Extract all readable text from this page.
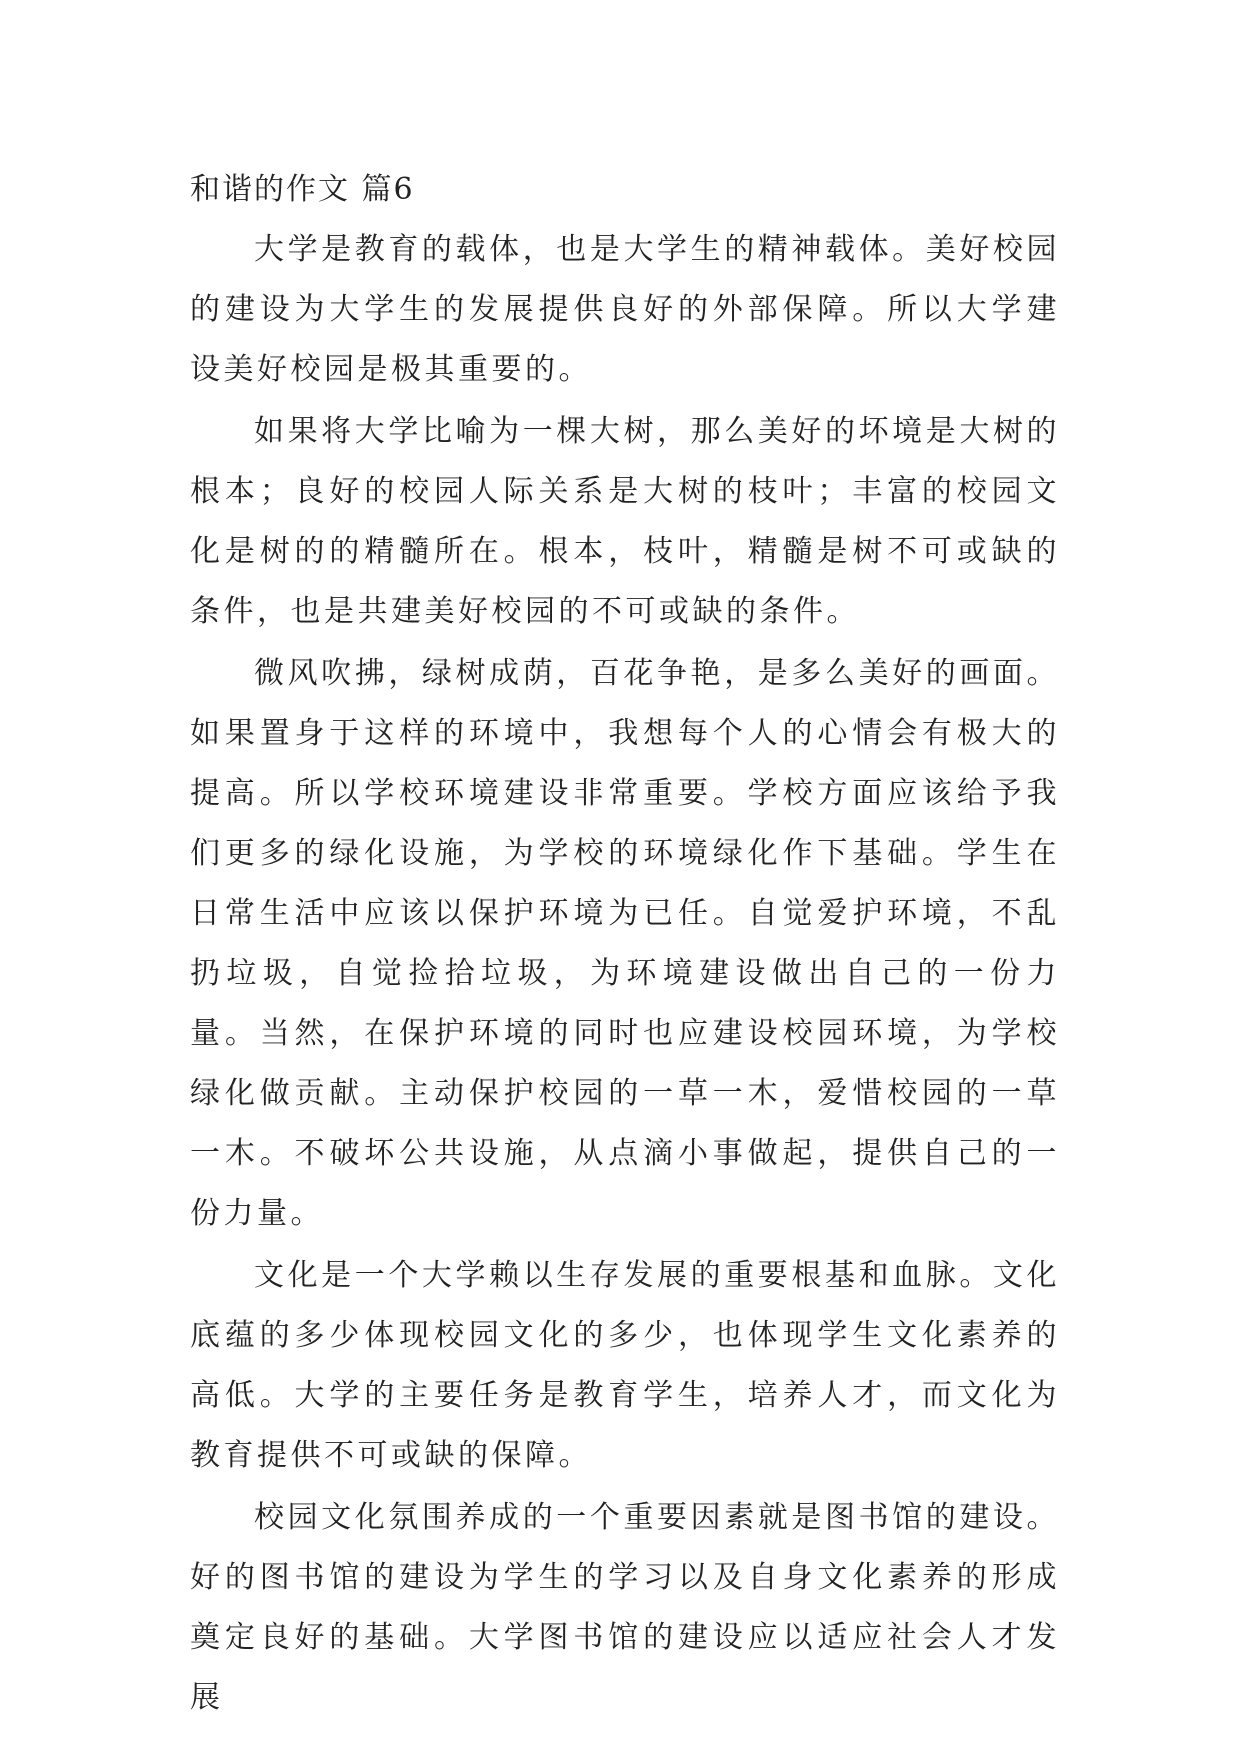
和谐的作文 篇6

大学是教育的载体，也是大学生的精神载体。美好校园的建设为大学生的发展提供良好的外部保障。所以大学建设美好校园是极其重要的。

如果将大学比喻为一棵大树，那么美好的坏境是大树的根本；良好的校园人际关系是大树的枝叶；丰富的校园文化是树的的精髓所在。根本，枝叶，精髓是树不可或缺的条件，也是共建美好校园的不可或缺的条件。

微风吹拂，绿树成荫，百花争艳，是多么美好的画面。如果置身于这样的环境中，我想每个人的心情会有极大的提高。所以学校环境建设非常重要。学校方面应该给予我们更多的绿化设施，为学校的环境绿化作下基础。学生在日常生活中应该以保护环境为已任。自觉爱护环境，不乱扔垃圾，自觉捡拾垃圾，为环境建设做出自己的一份力量。当然，在保护环境的同时也应建设校园环境，为学校绿化做贡献。主动保护校园的一草一木，爱惜校园的一草一木。不破坏公共设施，从点滴小事做起，提供自己的一份力量。

文化是一个大学赖以生存发展的重要根基和血脉。文化底蕴的多少体现校园文化的多少，也体现学生文化素养的高低。大学的主要任务是教育学生，培养人才，而文化为教育提供不可或缺的保障。

校园文化氛围养成的一个重要因素就是图书馆的建设。好的图书馆的建设为学生的学习以及自身文化素养的形成奠定良好的基础。大学图书馆的建设应以适应社会人才发展
